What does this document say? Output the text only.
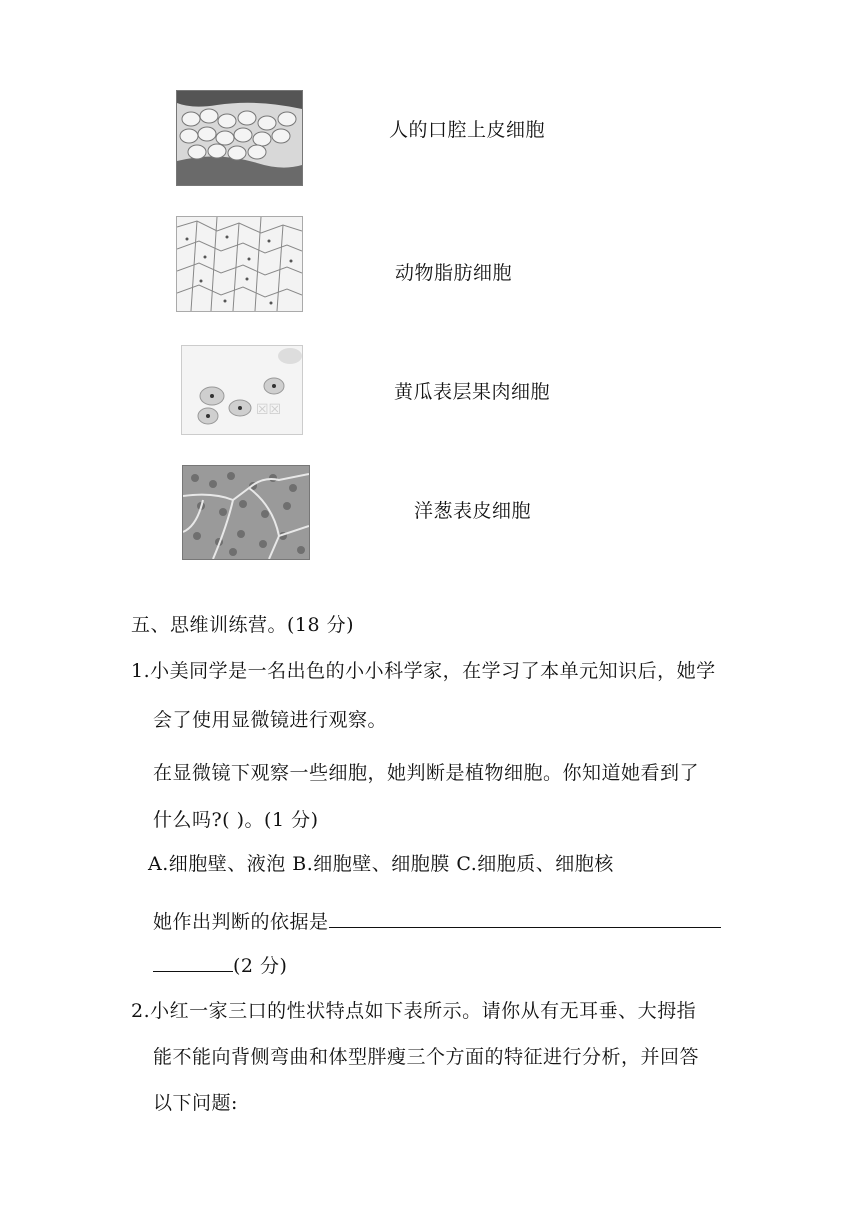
人的口腔上皮细胞
动物脂肪细胞
☒☒
黄瓜表层果肉细胞
洋葱表皮细胞
五、思维训练营。(18 分)
1.小美同学是一名出色的小小科学家，在学习了本单元知识后，她学
会了使用显微镜进行观察。
在显微镜下观察一些细胞，她判断是植物细胞。你知道她看到了
什么吗?( )。(1 分)
A.细胞壁、液泡 B.细胞壁、细胞膜 C.细胞质、细胞核
她作出判断的依据是
(2 分)
2.小红一家三口的性状特点如下表所示。请你从有无耳垂、大拇指
能不能向背侧弯曲和体型胖瘦三个方面的特征进行分析，并回答
以下问题:
